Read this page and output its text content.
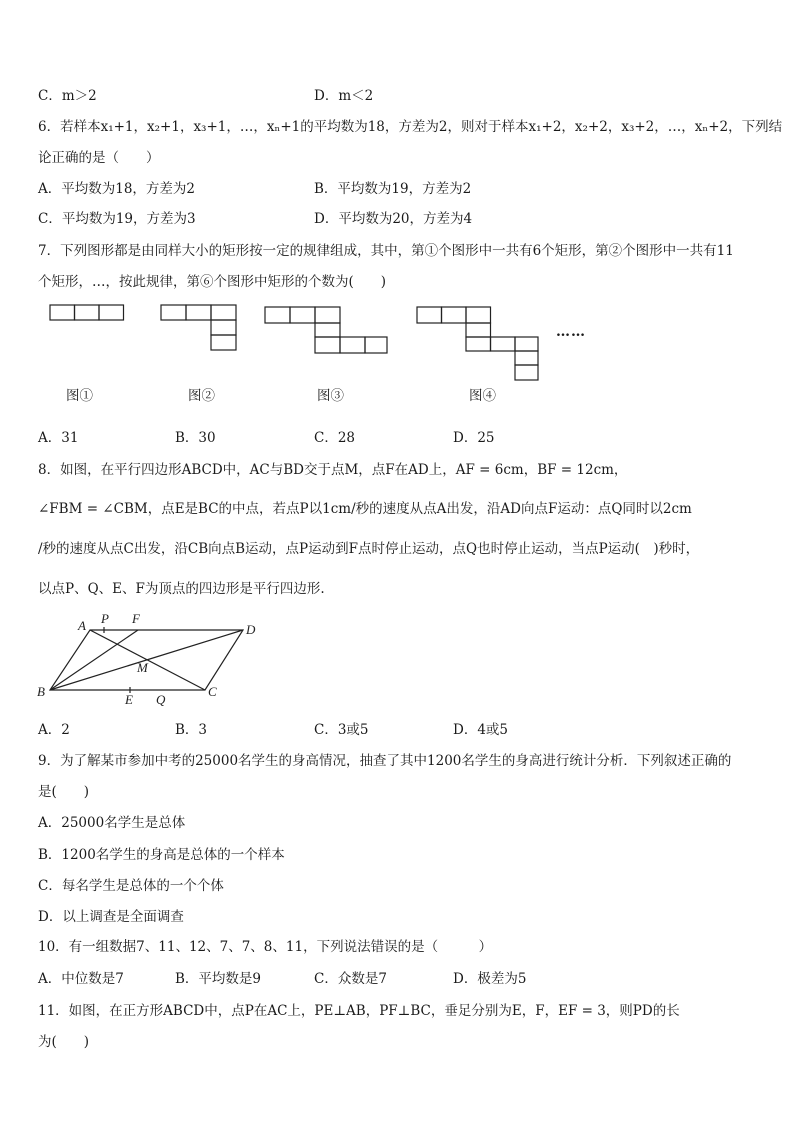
C．m＞2	D．m＜2
6．若样本x₁+1，x₂+1，x₃+1，…，xₙ+1的平均数为18，方差为2，则对于样本x₁+2，x₂+2，x₃+2，…，xₙ+2，下列结
论正确的是（　　）
A．平均数为18，方差为2	B．平均数为19，方差为2
C．平均数为19，方差为3	D．平均数为20，方差为4
7．下列图形都是由同样大小的矩形按一定的规律组成，其中，第①个图形中一共有6个矩形，第②个图形中一共有11
个矩形，…，按此规律，第⑥个图形中矩形的个数为(　　)
……
图①	图②	图③	图④
A．31	B．30	C．28	D．25
8．如图，在平行四边形ABCD中，AC与BD交于点M，点F在AD上，AF = 6cm，BF = 12cm，
∠FBM = ∠CBM，点E是BC的中点，若点P以1cm/秒的速度从点A出发，沿AD向点F运动：点Q同时以2cm
/秒的速度从点C出发，沿CB向点B运动，点P运动到F点时停止运动，点Q也时停止运动，当点P运动(　)秒时，
以点P、Q、E、F为顶点的四边形是平行四边形.
A P F
D
M
B
E Q
C
A．2	B．3	C．3或5	D．4或5
9．为了解某市参加中考的25000名学生的身高情况，抽查了其中1200名学生的身高进行统计分析．下列叙述正确的
是(　　)
A．25000名学生是总体
B．1200名学生的身高是总体的一个样本
C．每名学生是总体的一个个体
D．以上调查是全面调查
10．有一组数据7、11、12、7、7、8、11，下列说法错误的是（　　　）
A．中位数是7	B．平均数是9	C．众数是7	D．极差为5
11．如图，在正方形ABCD中，点P在AC上，PE⊥AB，PF⊥BC，垂足分别为E，F，EF = 3，则PD的长
为(　　)
